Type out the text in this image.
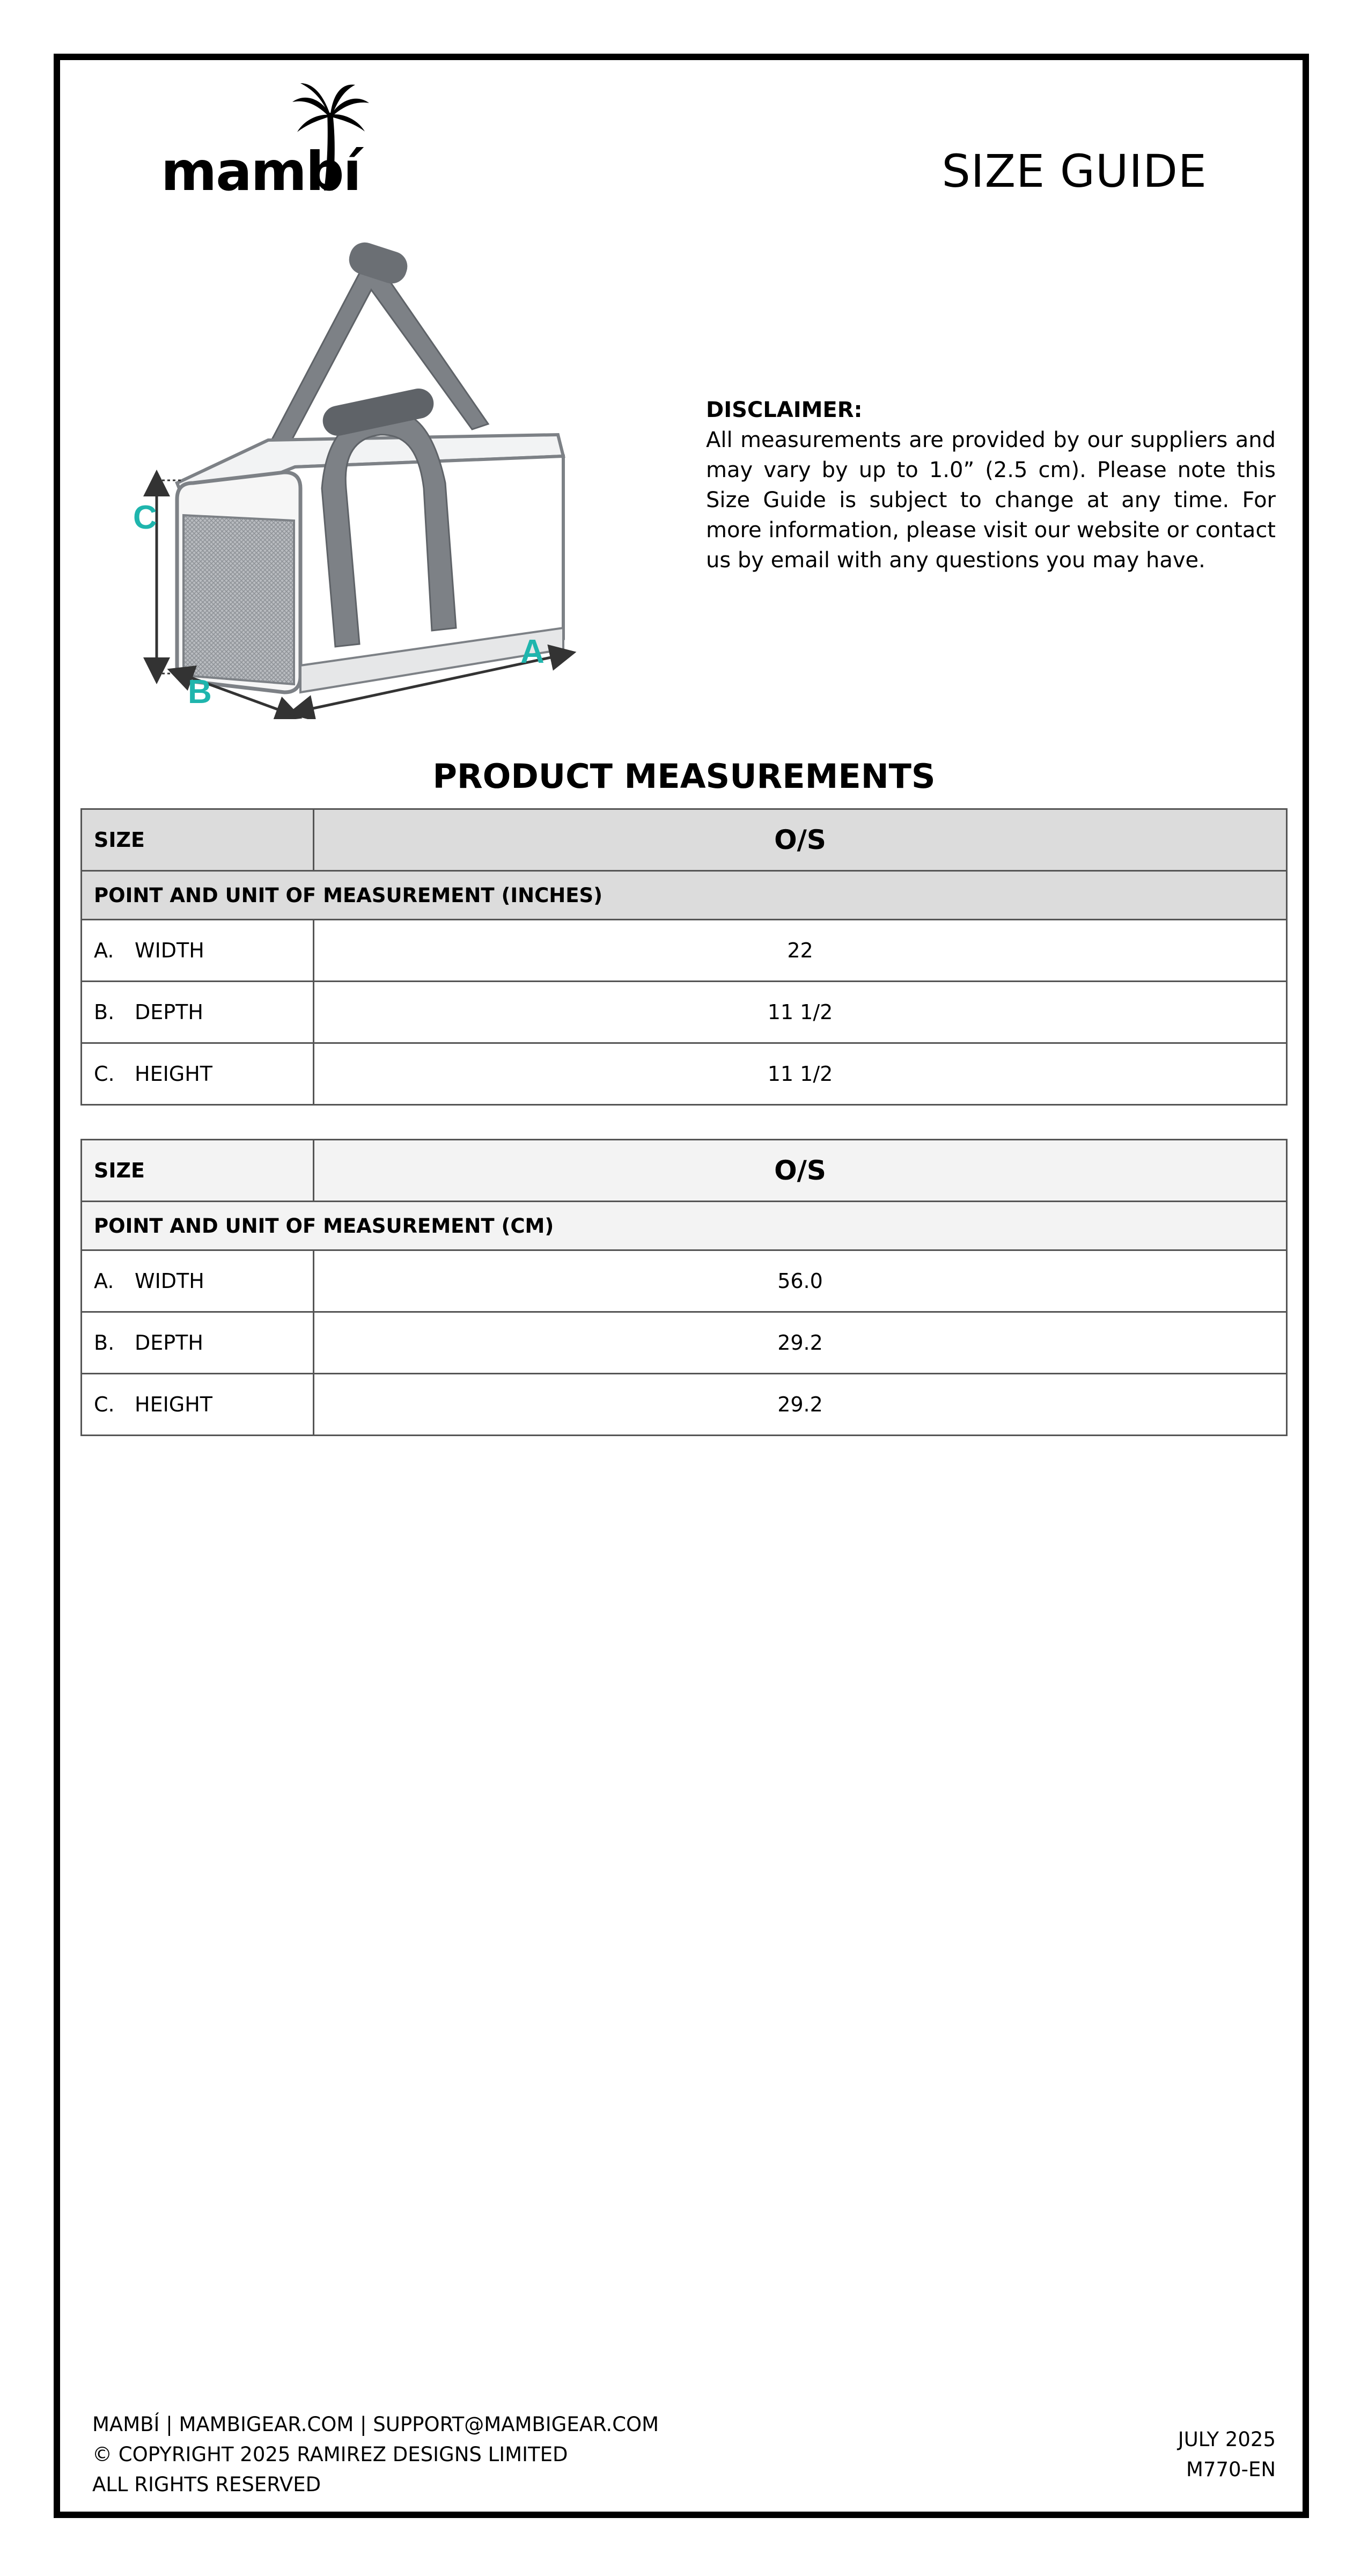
mambí	SIZE GUIDE
C
B
A
DISCLAIMER:
All measurements are provided by our suppliers and may vary by up to 1.0” (2.5 cm). Please note this Size Guide is subject to change at any time. For more information, please visit our website or contact us by email with any questions you may have.
PRODUCT MEASUREMENTS
SIZE	O/S
POINT AND UNIT OF MEASUREMENT (INCHES)	
A. WIDTH	22
B. DEPTH	11 1/2
C. HEIGHT	11 1/2
SIZE	O/S
POINT AND UNIT OF MEASUREMENT (CM)	
A. WIDTH	56.0
B. DEPTH	29.2
C. HEIGHT	29.2
MAMBÍ | MAMBIGEAR.COM | SUPPORT@MAMBIGEAR.COM
© COPYRIGHT 2025 RAMIREZ DESIGNS LIMITED
ALL RIGHTS RESERVED
JULY 2025
M770-EN
